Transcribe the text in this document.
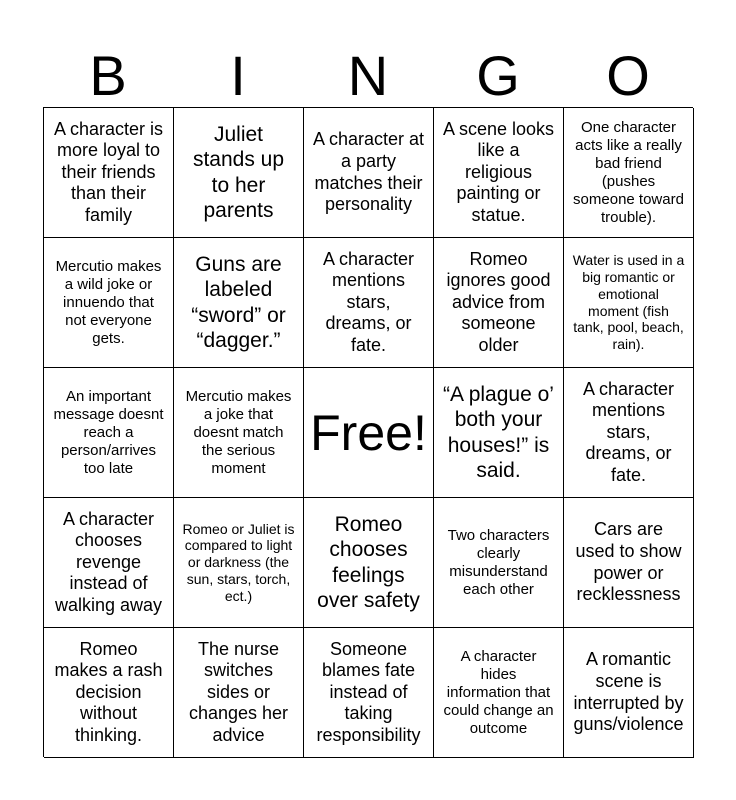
B	I	N	G	O
A character is more loyal to their friends than their family
Juliet stands up to her parents
A character at a party matches their personality
A scene looks like a religious painting or statue.
One character acts like a really bad friend (pushes someone toward trouble).
Mercutio makes a wild joke or innuendo that not everyone gets.
Guns are labeled “sword” or “dagger.”
A character mentions stars, dreams, or fate.
Romeo ignores good advice from someone older
Water is used in a big romantic or emotional moment (fish tank, pool, beach, rain).
An important message doesnt reach a person/arrives too late
Mercutio makes a joke that doesnt match the serious moment
Free!
“A plague o’ both your houses!” is said.
A character mentions stars, dreams, or fate.
A character chooses revenge instead of walking away
Romeo or Juliet is compared to light or darkness (the sun, stars, torch, ect.)
Romeo chooses feelings over safety
Two characters clearly misunderstand each other
Cars are used to show power or recklessness
Romeo makes a rash decision without thinking.
The nurse switches sides or changes her advice
Someone blames fate instead of taking responsibility
A character hides information that could change an outcome
A romantic scene is interrupted by guns/violence
